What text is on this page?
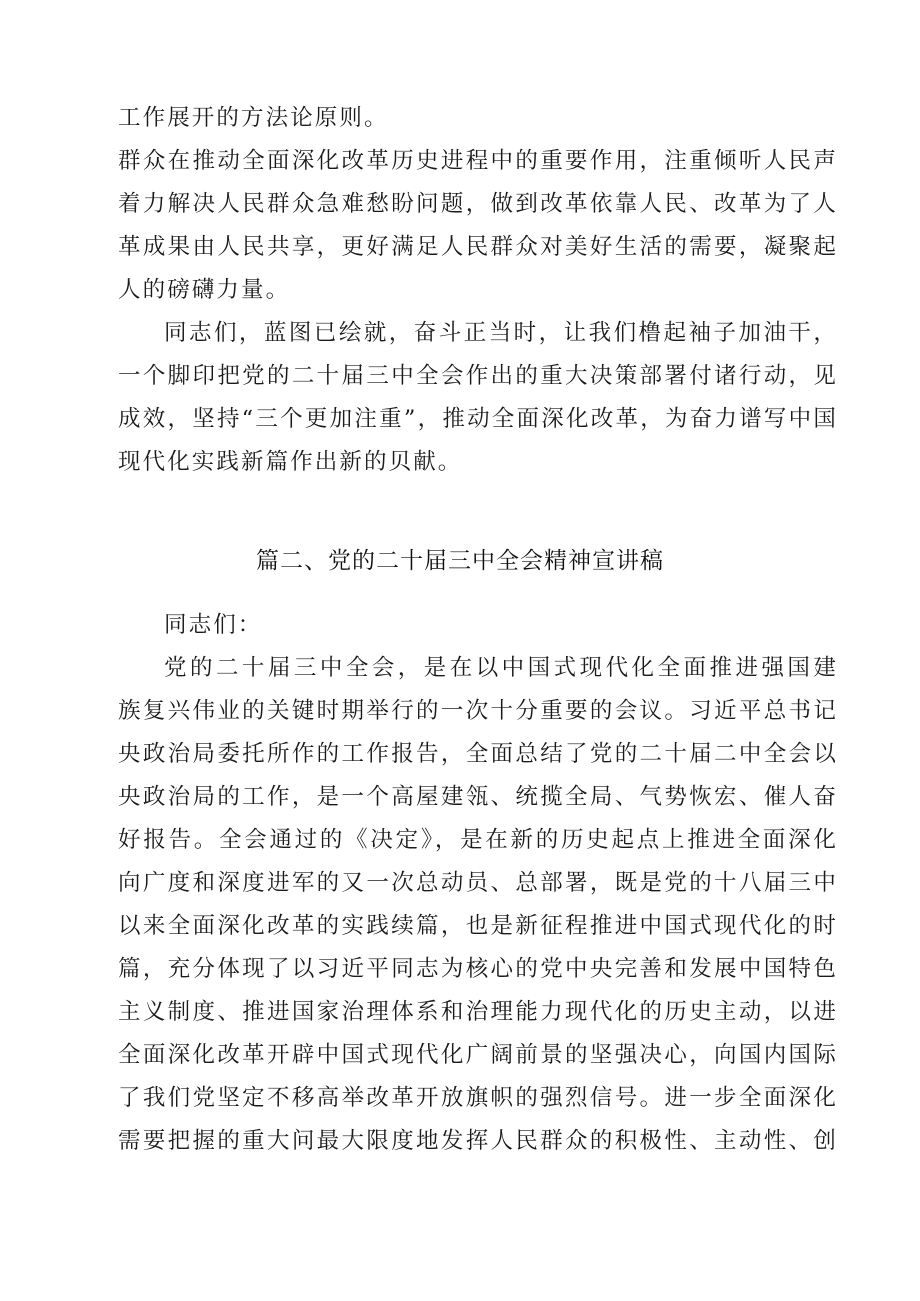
工作展开的方法论原则。
群众在推动全面深化改革历史进程中的重要作用，注重倾听人民声
着力解决人民群众急难愁盼问题，做到改革依靠人民、改革为了人
革成果由人民共享，更好满足人民群众对美好生活的需要，凝聚起
人的磅礴力量。
同志们，蓝图已绘就，奋斗正当时，让我们橹起袖子加油干，
一个脚印把党的二十届三中全会作出的重大决策部署付诸行动，见
成效，坚持“三个更加注重”，推动全面深化改革，为奋力谱写中国
现代化实践新篇作出新的贝献。
篇二、党的二十届三中全会精神宣讲稿
同志们：
党的二十届三中全会，是在以中国式现代化全面推进强国建
族复兴伟业的关键时期举行的一次十分重要的会议。习近平总书记
央政治局委托所作的工作报告，全面总结了党的二十届二中全会以
央政治局的工作，是一个高屋建瓴、统揽全局、气势恢宏、催人奋
好报告。全会通过的《决定》，是在新的历史起点上推进全面深化
向广度和深度进军的又一次总动员、总部署，既是党的十八届三中
以来全面深化改革的实践续篇，也是新征程推进中国式现代化的时
篇，充分体现了以习近平同志为核心的党中央完善和发展中国特色
主义制度、推进国家治理体系和治理能力现代化的历史主动，以进
全面深化改革开辟中国式现代化广阔前景的坚强决心，向国内国际
了我们党坚定不移高举改革开放旗帜的强烈信号。进一步全面深化
需要把握的重大问最大限度地发挥人民群众的积极性、主动性、创
